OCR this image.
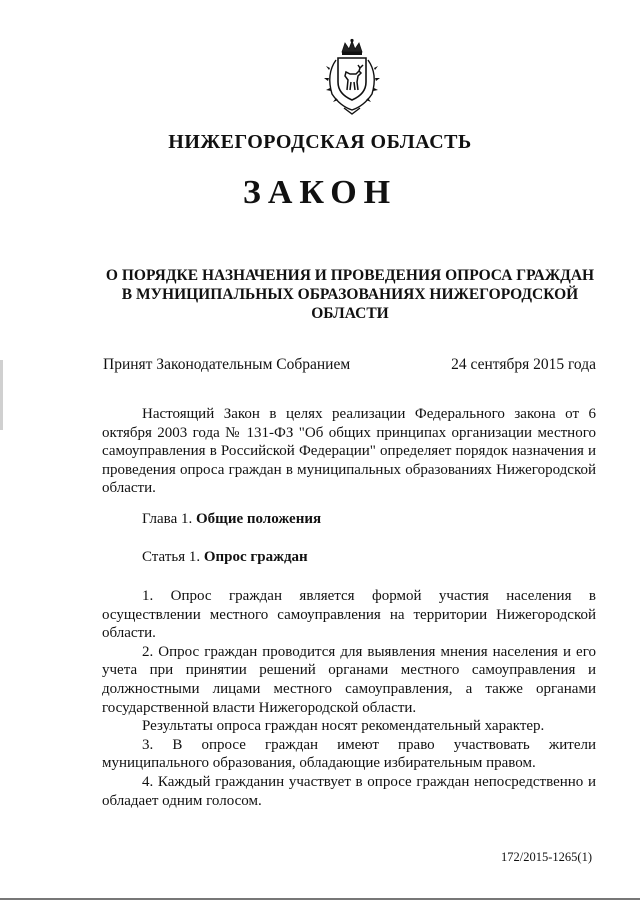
НИЖЕГОРОДСКАЯ ОБЛАСТЬ
ЗАКОН
О ПОРЯДКЕ НАЗНАЧЕНИЯ И ПРОВЕДЕНИЯ ОПРОСА ГРАЖДАН
В МУНИЦИПАЛЬНЫХ ОБРАЗОВАНИЯХ НИЖЕГОРОДСКОЙ
ОБЛАСТИ
Принят Законодательным Собранием	24 сентября 2015 года

Настоящий Закон в целях реализации Федерального закона от 6 октября 2003 года № 131-ФЗ "Об общих принципах организации местного самоуправления в Российской Федерации" определяет порядок назначения и проведения опроса граждан в муниципальных образованиях Нижегородской области.

Глава 1. Общие положения
Статья 1. Опрос граждан

1. Опрос граждан является формой участия населения в осуществлении местного самоуправления на территории Нижегородской области.

2. Опрос граждан проводится для выявления мнения населения и его учета при принятии решений органами местного самоуправления и должностными лицами местного самоуправления, а также органами государственной власти Нижегородской области.

Результаты опроса граждан носят рекомендательный характер.

3. В опросе граждан имеют право участвовать жители муниципального образования, обладающие избирательным правом.

4. Каждый гражданин участвует в опросе граждан непосредственно и обладает одним голосом.

172/2015-1265(1)
